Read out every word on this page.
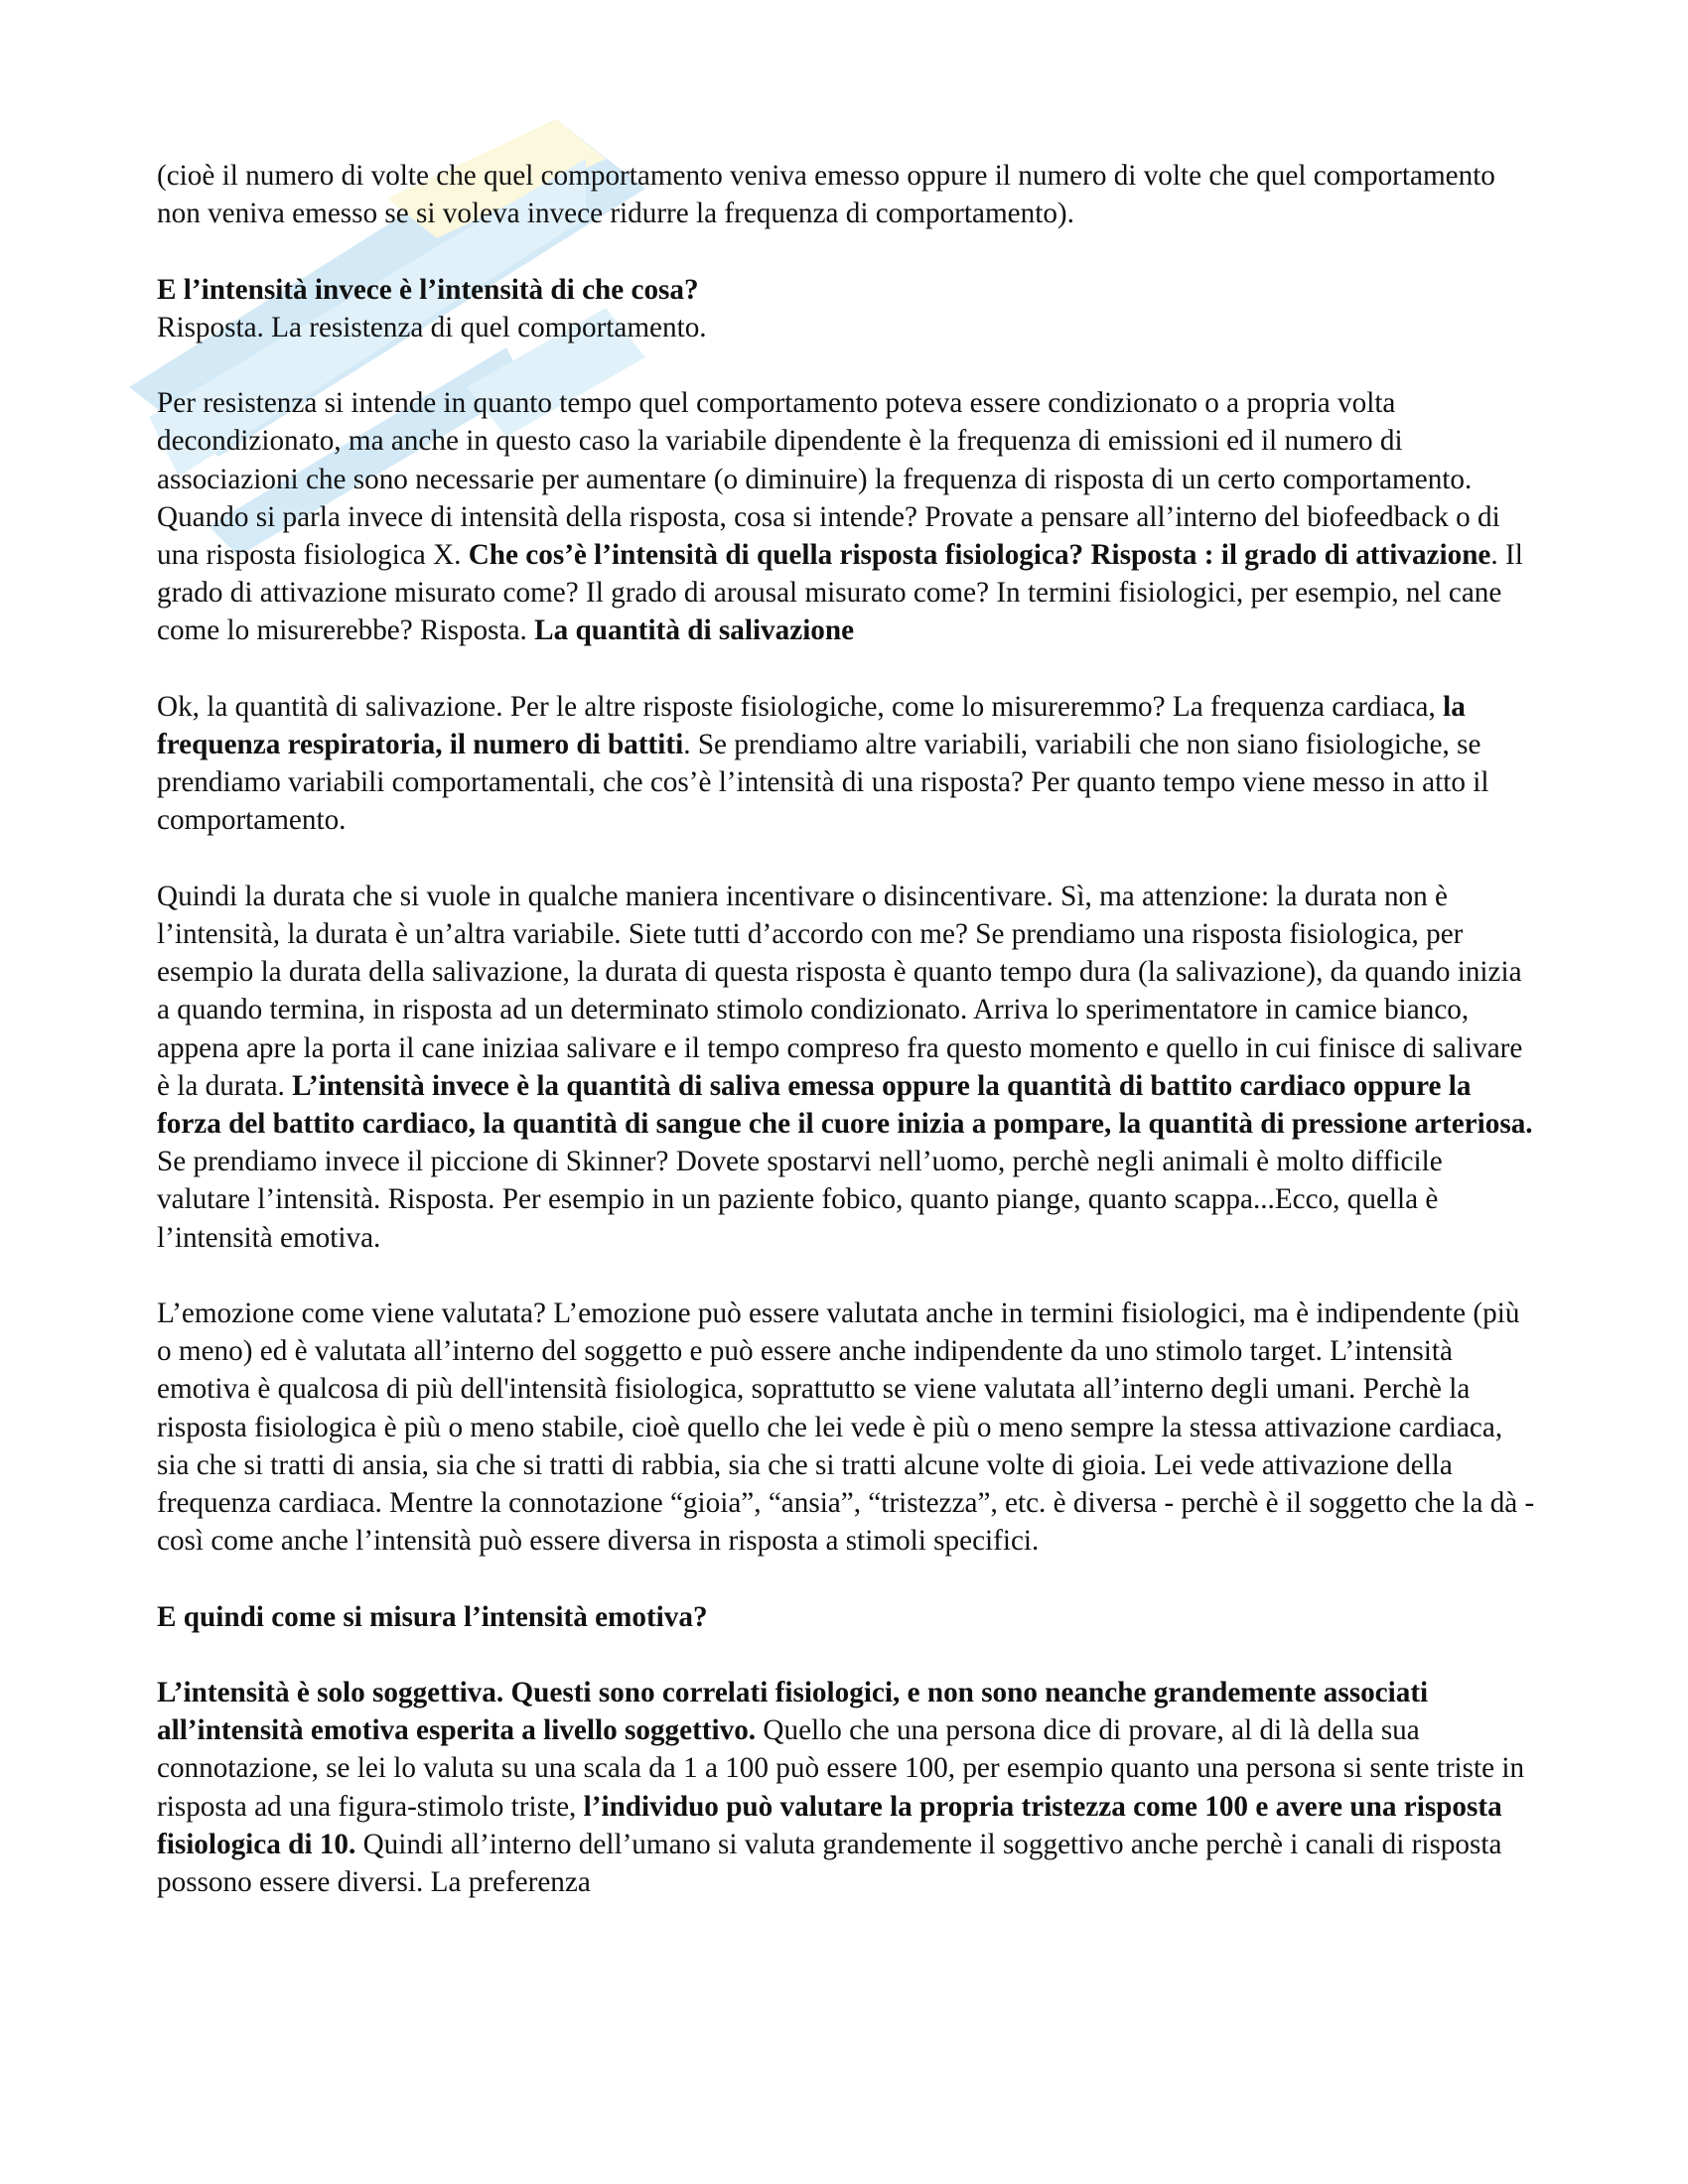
(cioè il numero di volte che quel comportamento veniva emesso oppure il numero di volte che quel comportamento non veniva emesso se si voleva invece ridurre la frequenza di comportamento).

E l’intensità invece è l’intensità di che cosa?

Risposta. La resistenza di quel comportamento.

Per resistenza si intende in quanto tempo quel comportamento poteva essere condizionato o a propria volta decondizionato, ma anche in questo caso la variabile dipendente è la frequenza di emissioni ed il numero di associazioni che sono necessarie per aumentare (o diminuire) la frequenza di risposta di un certo comportamento. Quando si parla invece di intensità della risposta, cosa si intende? Provate a pensare all’interno del biofeedback o di una risposta fisiologica X. Che cos’è l’intensità di quella risposta fisiologica? Risposta : il grado di attivazione. Il grado di attivazione misurato come? Il grado di arousal misurato come? In termini fisiologici, per esempio, nel cane come lo misurerebbe? Risposta. La quantità di salivazione

Ok, la quantità di salivazione. Per le altre risposte fisiologiche, come lo misureremmo? La frequenza cardiaca, la frequenza respiratoria, il numero di battiti. Se prendiamo altre variabili, variabili che non siano fisiologiche, se prendiamo variabili comportamentali, che cos’è l’intensità di una risposta? Per quanto tempo viene messo in atto il comportamento.

Quindi la durata che si vuole in qualche maniera incentivare o disincentivare. Sì, ma attenzione: la durata non è l’intensità, la durata è un’altra variabile. Siete tutti d’accordo con me? Se prendiamo una risposta fisiologica, per esempio la durata della salivazione, la durata di questa risposta è quanto tempo dura (la salivazione), da quando inizia a quando termina, in risposta ad un determinato stimolo condizionato. Arriva lo sperimentatore in camice bianco, appena apre la porta il cane iniziaa salivare e il tempo compreso fra questo momento e quello in cui finisce di salivare è la durata. L’intensità invece è la quantità di saliva emessa oppure la quantità di battito cardiaco oppure la forza del battito cardiaco, la quantità di sangue che il cuore inizia a pompare, la quantità di pressione arteriosa. Se prendiamo invece il piccione di Skinner? Dovete spostarvi nell’uomo, perchè negli animali è molto difficile valutare l’intensità. Risposta. Per esempio in un paziente fobico, quanto piange, quanto scappa...Ecco, quella è l’intensità emotiva.

L’emozione come viene valutata? L’emozione può essere valutata anche in termini fisiologici, ma è indipendente (più o meno) ed è valutata all’interno del soggetto e può essere anche indipendente da uno stimolo target. L’intensità emotiva è qualcosa di più dell'intensità fisiologica, soprattutto se viene valutata all’interno degli umani. Perchè la risposta fisiologica è più o meno stabile, cioè quello che lei vede è più o meno sempre la stessa attivazione cardiaca, sia che si tratti di ansia, sia che si tratti di rabbia, sia che si tratti alcune volte di gioia. Lei vede attivazione della frequenza cardiaca. Mentre la connotazione “gioia”, “ansia”, “tristezza”, etc. è diversa - perchè è il soggetto che la dà - così come anche l’intensità può essere diversa in risposta a stimoli specifici.

E quindi come si misura l’intensità emotiva?

L’intensità è solo soggettiva. Questi sono correlati fisiologici, e non sono neanche grandemente associati all’intensità emotiva esperita a livello soggettivo. Quello che una persona dice di provare, al di là della sua connotazione, se lei lo valuta su una scala da 1 a 100 può essere 100, per esempio quanto una persona si sente triste in risposta ad una figura-stimolo triste, l’individuo può valutare la propria tristezza come 100 e avere una risposta fisiologica di 10. Quindi all’interno dell’umano si valuta grandemente il soggettivo anche perchè i canali di risposta possono essere diversi. La preferenza
